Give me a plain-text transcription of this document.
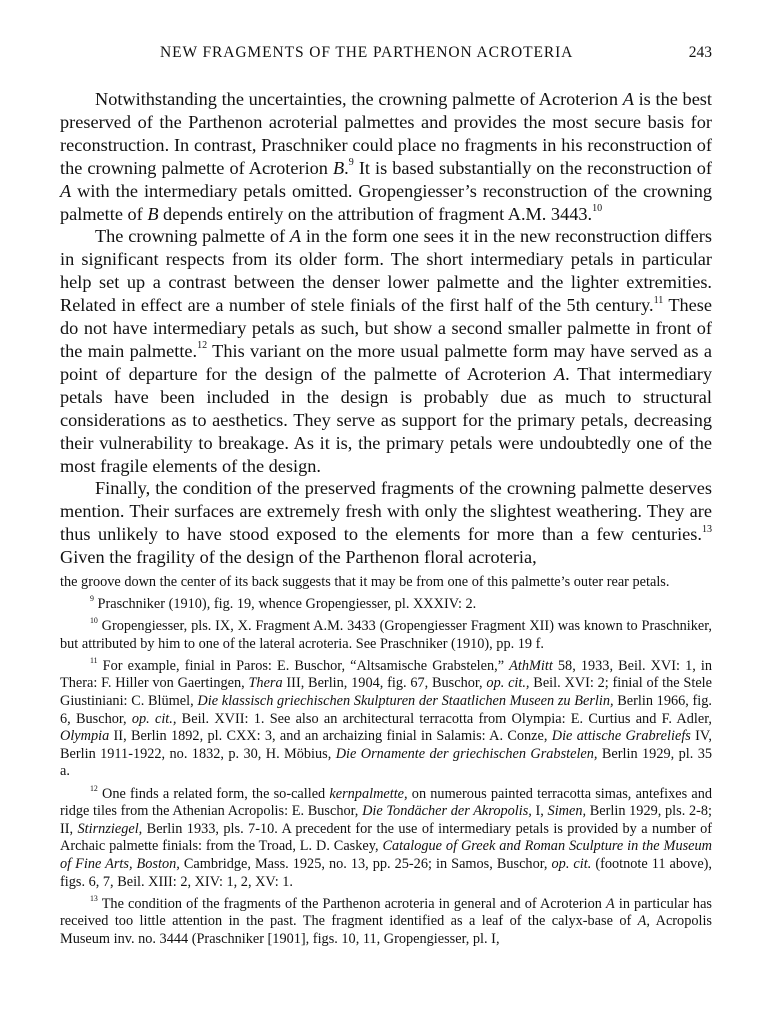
NEW FRAGMENTS OF THE PARTHENON ACROTERIA	243

Notwithstanding the uncertainties, the crowning palmette of Acroterion A is the best preserved of the Parthenon acroterial palmettes and provides the most secure basis for reconstruction. In contrast, Praschniker could place no fragments in his reconstruction of the crowning palmette of Acroterion B.$^9$ It is based substantially on the reconstruction of A with the intermediary petals omitted. Gropengiesser’s reconstruction of the crowning palmette of B depends entirely on the attribution of fragment A.M. 3443.10

The crowning palmette of A in the form one sees it in the new reconstruction differs in significant respects from its older form. The short intermediary petals in particular help set up a contrast between the denser lower palmette and the lighter extremities. Related in effect are a number of stele finials of the first half of the 5th century.$^{11}$ These do not have intermediary petals as such, but show a second smaller palmette in front of the main palmette.$^{12}$ This variant on the more usual palmette form may have served as a point of departure for the design of the palmette of Acroterion A. That intermediary petals have been included in the design is probably due as much to structural considerations as to aesthetics. They serve as support for the primary petals, decreasing their vulnerability to breakage. As it is, the primary petals were undoubtedly one of the most fragile elements of the design.

Finally, the condition of the preserved fragments of the crowning palmette deserves mention. Their surfaces are extremely fresh with only the slightest weathering. They are thus unlikely to have stood exposed to the elements for more than a few centuries.$^{13}$ Given the fragility of the design of the Parthenon floral acroteria,

the groove down the center of its back suggests that it may be from one of this palmette’s outer rear petals.

$^9$ Praschniker (1910), fig. 19, whence Gropengiesser, pl. XXXIV: 2.

$^{10}$ Gropengiesser, pls. IX, X. Fragment A.M. 3433 (Gropengiesser Fragment XII) was known to Praschniker, but attributed by him to one of the lateral acroteria. See Praschniker (1910), pp. 19 f.

$^{11}$ For example, finial in Paros: E. Buschor, “Altsamische Grabstelen,” AthMitt 58, 1933, Beil. XVI: 1, in Thera: F. Hiller von Gaertingen, Thera III, Berlin, 1904, fig. 67, Buschor, op. cit., Beil. XVI: 2; finial of the Stele Giustiniani: C. Blümel, Die klassisch griechischen Skulpturen der Staatlichen Museen zu Berlin, Berlin 1966, fig. 6, Buschor, op. cit., Beil. XVII: 1. See also an architectural terracotta from Olympia: E. Curtius and F. Adler, Olympia II, Berlin 1892, pl. CXX: 3, and an archaizing finial in Salamis: A. Conze, Die attische Grabreliefs IV, Berlin 1911-1922, no. 1832, p. 30, H. Möbius, Die Ornamente der griechischen Grabstelen, Berlin 1929, pl. 35 a.

$^{12}$ One finds a related form, the so-called kernpalmette, on numerous painted terracotta simas, antefixes and ridge tiles from the Athenian Acropolis: E. Buschor, Die Tondächer der Akropolis, I, Simen, Berlin 1929, pls. 2-8; II, Stirnziegel, Berlin 1933, pls. 7-10. A precedent for the use of intermediary petals is provided by a number of Archaic palmette finials: from the Troad, L. D. Caskey, Catalogue of Greek and Roman Sculpture in the Museum of Fine Arts, Boston, Cambridge, Mass. 1925, no. 13, pp. 25-26; in Samos, Buschor, op. cit. (footnote 11 above), figs. 6, 7, Beil. XIII: 2, XIV: 1, 2, XV: 1.

$^{13}$ The condition of the fragments of the Parthenon acroteria in general and of Acroterion A in particular has received too little attention in the past. The fragment identified as a leaf of the calyx-base of A, Acropolis Museum inv. no. 3444 (Praschniker [1901], figs. 10, 11, Gropengiesser, pl. I,
